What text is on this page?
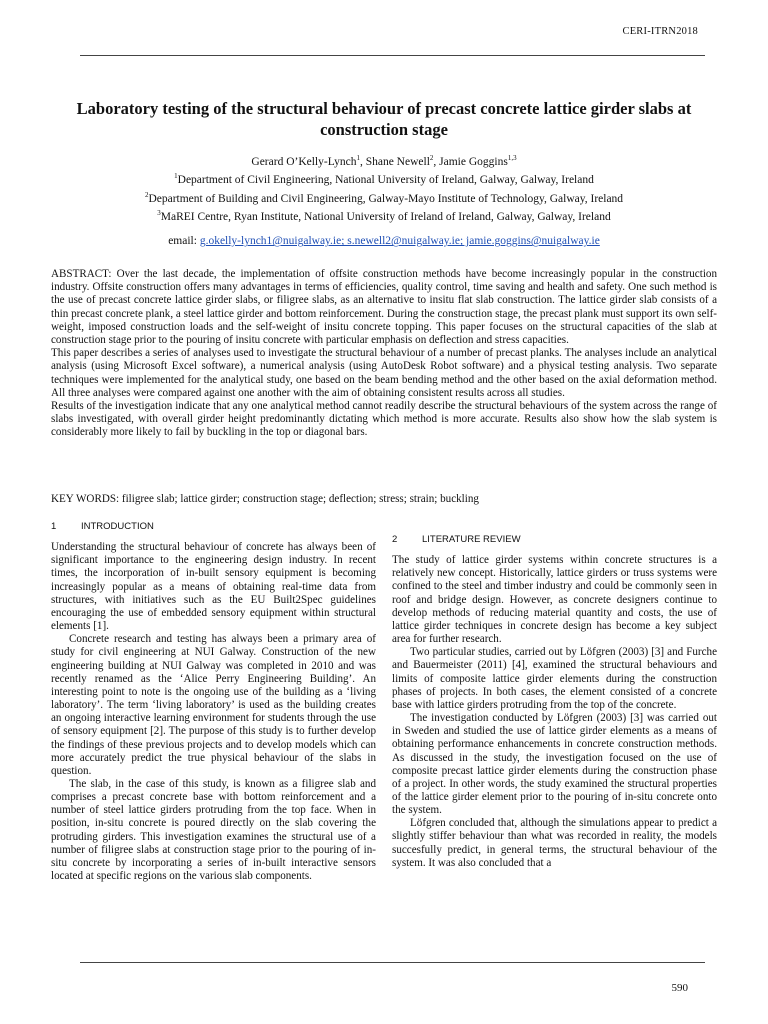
CERI-ITRN2018
Laboratory testing of the structural behaviour of precast concrete lattice girder slabs at construction stage
Gerard O’Kelly-Lynch$^1$, Shane Newell$^2$, Jamie Goggins$^{1,3}$
$^1$Department of Civil Engineering, National University of Ireland, Galway, Galway, Ireland
$^2$Department of Building and Civil Engineering, Galway-Mayo Institute of Technology, Galway, Ireland
$^3$MaREI Centre, Ryan Institute, National University of Ireland of Ireland, Galway, Galway, Ireland
email: g.okelly-lynch1@nuigalway.ie; s.newell2@nuigalway.ie; jamie.goggins@nuigalway.ie

ABSTRACT: Over the last decade, the implementation of offsite construction methods have become increasingly popular in the construction industry. Offsite construction offers many advantages in terms of efficiencies, quality control, time saving and health and safety. One such method is the use of precast concrete lattice girder slabs, or filigree slabs, as an alternative to insitu flat slab construction. The lattice girder slab consists of a thin precast concrete plank, a steel lattice girder and bottom reinforcement. During the construction stage, the precast plank must support its own self-weight, imposed construction loads and the self-weight of insitu concrete topping. This paper focuses on the structural capacities of the slab at construction stage prior to the pouring of insitu concrete with particular emphasis on deflection and stress capacities.

This paper describes a series of analyses used to investigate the structural behaviour of a number of precast planks. The analyses include an analytical analysis (using Microsoft Excel software), a numerical analysis (using AutoDesk Robot software) and a physical testing analysis. Two separate techniques were implemented for the analytical study, one based on the beam bending method and the other based on the axial deformation method. All three analyses were compared against one another with the aim of obtaining consistent results across all studies.

Results of the investigation indicate that any one analytical method cannot readily describe the structural behaviours of the system across the range of slabs investigated, with overall girder height predominantly dictating which method is more accurate. Results also show how the slab system is considerably more likely to fail by buckling in the top or diagonal bars.

KEY WORDS: filigree slab; lattice girder; construction stage; deflection; stress; strain; buckling
1	INTRODUCTION

Understanding the structural behaviour of concrete has always been of significant importance to the engineering design industry. In recent times, the incorporation of in-built sensory equipment is becoming increasingly popular as a means of obtaining real-time data from structures, with initiatives such as the EU Built2Spec guidelines encouraging the use of embedded sensory equipment within structural elements [1].

Concrete research and testing has always been a primary area of study for civil engineering at NUI Galway. Construction of the new engineering building at NUI Galway was completed in 2010 and was recently renamed as the ‘Alice Perry Engineering Building’. An interesting point to note is the ongoing use of the building as a ‘living laboratory’. The term ‘living laboratory’ is used as the building creates an ongoing interactive learning environment for students through the use of sensory equipment [2]. The purpose of this study is to further develop the findings of these previous projects and to develop models which can more accurately predict the true physical behaviour of the slabs in question.

The slab, in the case of this study, is known as a filigree slab and comprises a precast concrete base with bottom reinforcement and a number of steel lattice girders protruding from the top face. When in position, in-situ concrete is poured directly on the slab covering the protruding girders. This investigation examines the structural use of a number of filigree slabs at construction stage prior to the pouring of in-situ concrete by incorporating a series of in-built interactive sensors located at specific regions on the various slab components.

2	LITERATURE REVIEW

The study of lattice girder systems within concrete structures is a relatively new concept. Historically, lattice girders or truss systems were confined to the steel and timber industry and could be commonly seen in roof and bridge design. However, as concrete designers continue to develop methods of reducing material quantity and costs, the use of lattice girder techniques in concrete design has become a key subject area for further research.

Two particular studies, carried out by Löfgren (2003) [3] and Furche and Bauermeister (2011) [4], examined the structural behaviours and limits of composite lattice girder elements during the construction phases of projects. In both cases, the element consisted of a concrete base with lattice girders protruding from the top of the concrete.

The investigation conducted by Löfgren (2003) [3] was carried out in Sweden and studied the use of lattice girder elements as a means of obtaining performance enhancements in concrete construction methods. As discussed in the study, the investigation focused on the use of composite precast lattice girder elements during the construction phase of a project. In other words, the study examined the structural properties of the lattice girder element prior to the pouring of in-situ concrete onto the system.

Löfgren concluded that, although the simulations appear to predict a slightly stiffer behaviour than what was recorded in reality, the models succesfully predict, in general terms, the structural behaviour of the system. It was also concluded that a

590
